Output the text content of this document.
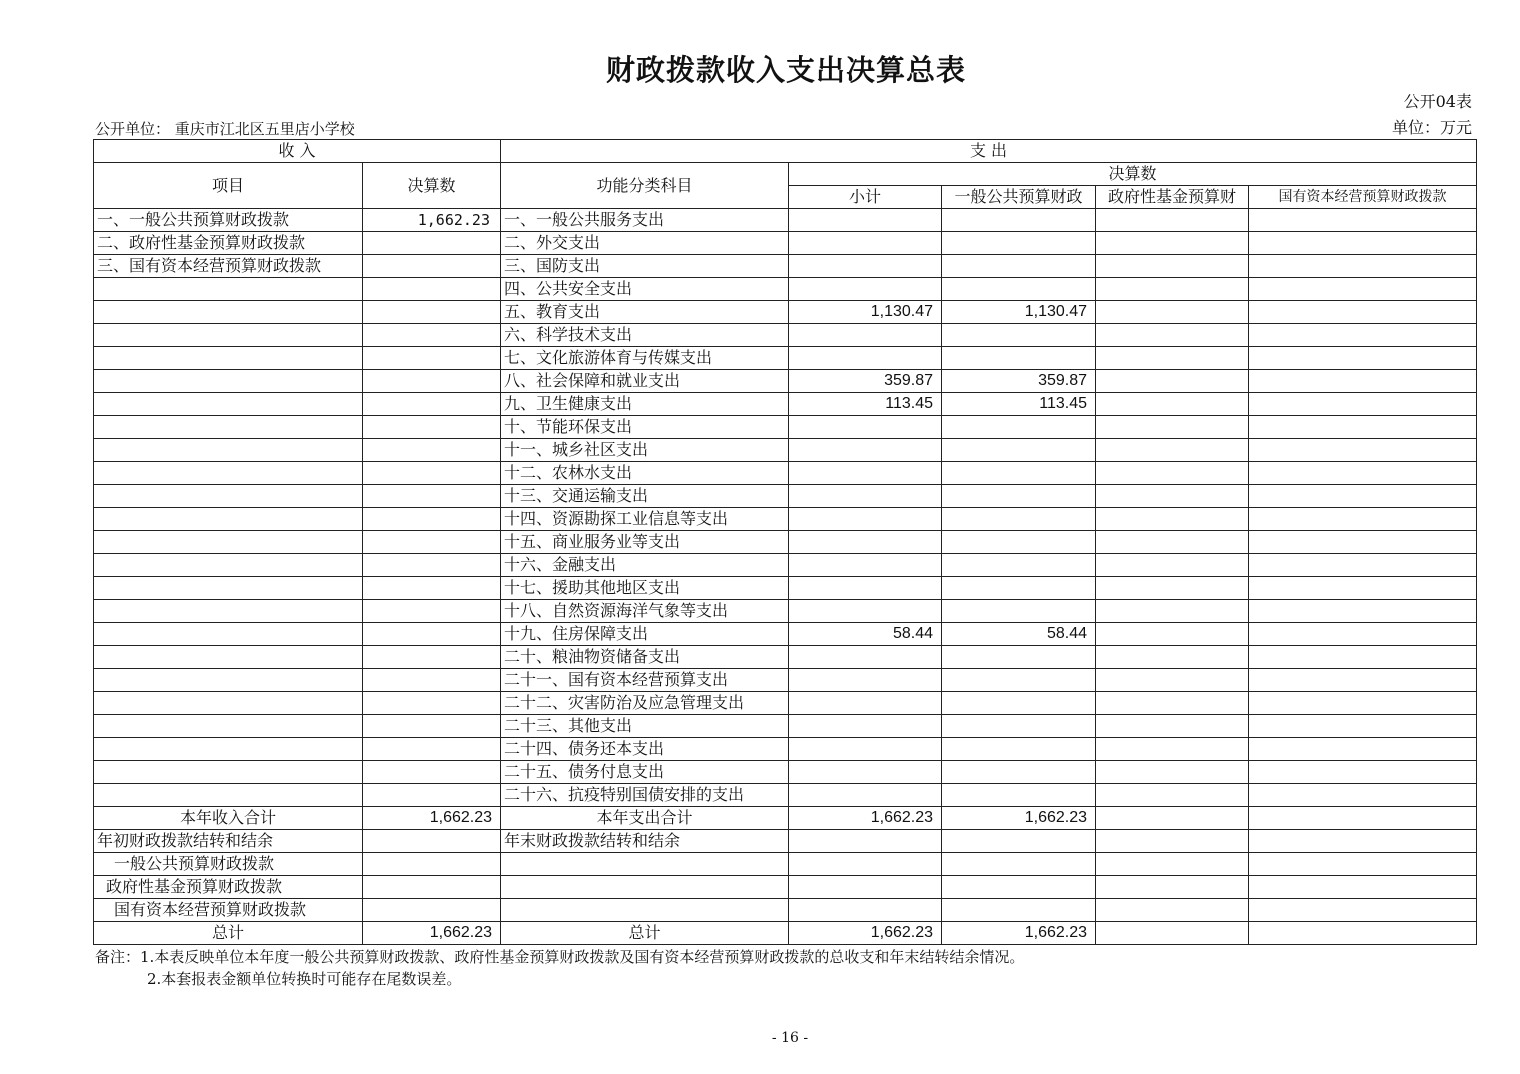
财政拨款收入支出决算总表
公开04表
单位：万元
公开单位： 重庆市江北区五里店小学校
收 入		支 出				
项目	决算数	功能分类科目	决算数			
			小计	一般公共预算财政	政府性基金预算财	国有资本经营预算财政拨款
一、一般公共预算财政拨款	1,662.23	一、一般公共服务支出				
二、政府性基金预算财政拨款		二、外交支出				
三、国有资本经营预算财政拨款		三、国防支出				
		四、公共安全支出				
		五、教育支出	1,130.47	1,130.47		
		六、科学技术支出				
		七、文化旅游体育与传媒支出				
		八、社会保障和就业支出	359.87	359.87		
		九、卫生健康支出	113.45	113.45		
		十、节能环保支出				
		十一、城乡社区支出				
		十二、农林水支出				
		十三、交通运输支出				
		十四、资源勘探工业信息等支出				
		十五、商业服务业等支出				
		十六、金融支出				
		十七、援助其他地区支出				
		十八、自然资源海洋气象等支出				
		十九、住房保障支出	58.44	58.44		
		二十、粮油物资储备支出				
		二十一、国有资本经营预算支出				
		二十二、灾害防治及应急管理支出				
		二十三、其他支出				
		二十四、债务还本支出				
		二十五、债务付息支出				
		二十六、抗疫特别国债安排的支出				
本年收入合计	1,662.23	本年支出合计	1,662.23	1,662.23		
年初财政拨款结转和结余		年末财政拨款结转和结余				
一般公共预算财政拨款						
政府性基金预算财政拨款						
国有资本经营预算财政拨款						
总计	1,662.23	总计	1,662.23	1,662.23		
备注：1.本表反映单位本年度一般公共预算财政拨款、政府性基金预算财政拨款及国有资本经营预算财政拨款的总收支和年末结转结余情况。
2.本套报表金额单位转换时可能存在尾数误差。
- 16 -
